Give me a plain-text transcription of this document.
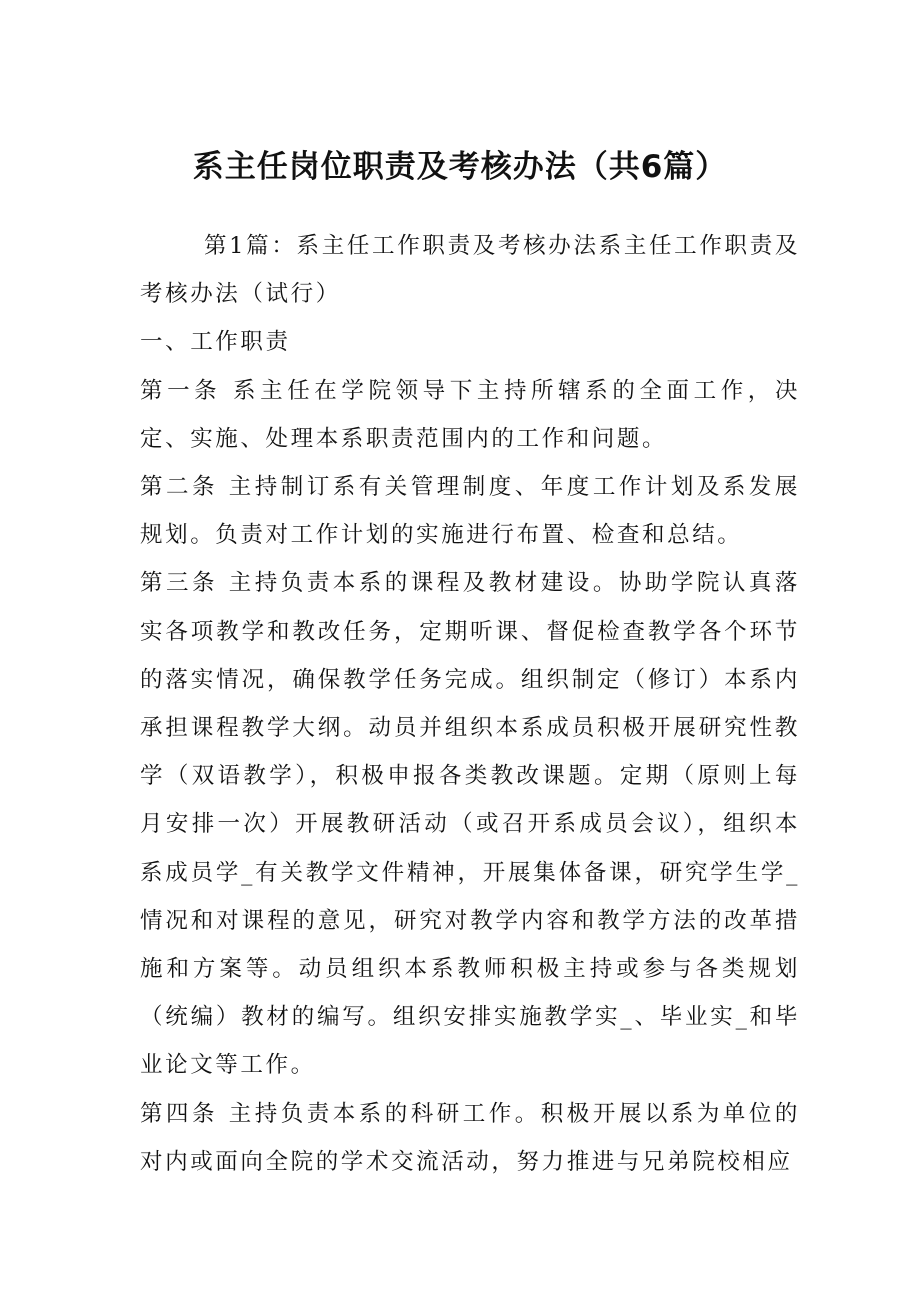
系主任岗位职责及考核办法（共6篇）

第1篇：系主任工作职责及考核办法系主任工作职责及考核办法（试行）

一、工作职责

第一条 系主任在学院领导下主持所辖系的全面工作，决定、实施、处理本系职责范围内的工作和问题。

第二条 主持制订系有关管理制度、年度工作计划及系发展规划。负责对工作计划的实施进行布置、检查和总结。

第三条 主持负责本系的课程及教材建设。协助学院认真落实各项教学和教改任务，定期听课、督促检查教学各个环节的落实情况，确保教学任务完成。组织制定（修订）本系内承担课程教学大纲。动员并组织本系成员积极开展研究性教学（双语教学），积极申报各类教改课题。定期（原则上每月安排一次）开展教研活动（或召开系成员会议），组织本系成员学_有关教学文件精神，开展集体备课，研究学生学_情况和对课程的意见，研究对教学内容和教学方法的改革措施和方案等。动员组织本系教师积极主持或参与各类规划（统编）教材的编写。组织安排实施教学实_、毕业实_和毕业论文等工作。

第四条 主持负责本系的科研工作。积极开展以系为单位的对内或面向全院的学术交流活动，努力推进与兄弟院校相应
